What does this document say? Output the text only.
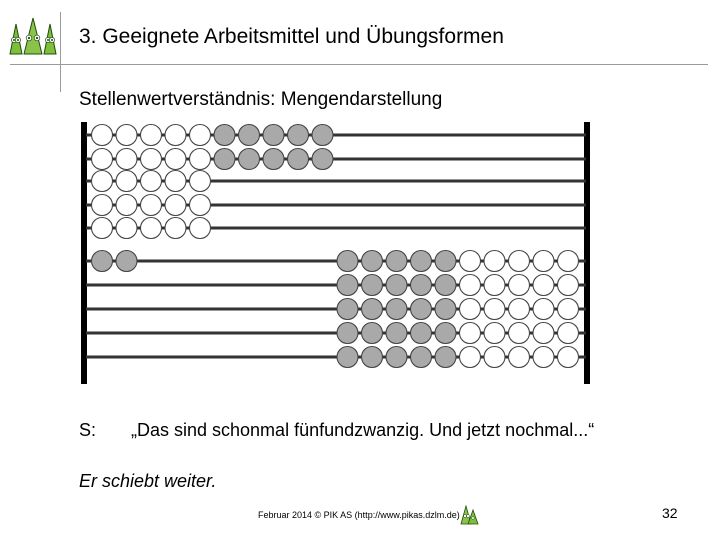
3. Geeignete Arbeitsmittel und Übungsformen
Stellenwertverständnis: Mengendarstellung
S: „Das sind schonmal fünfundzwanzig. Und jetzt nochmal...“
Er schiebt weiter.
Februar 2014 © PIK AS (http://www.pikas.dzlm.de)	32
